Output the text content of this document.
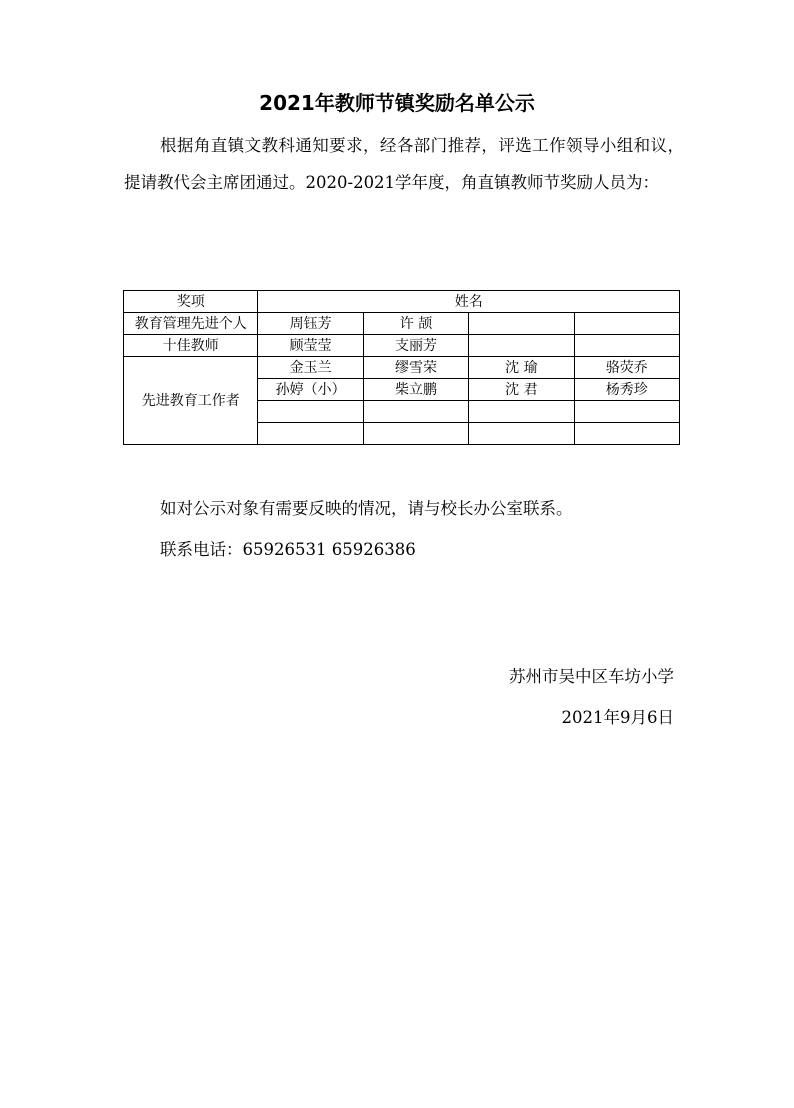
2021年教师节镇奖励名单公示

根据角直镇文教科通知要求，经各部门推荐，评选工作领导小组和议，提请教代会主席团通过。2020-2021学年度，角直镇教师节奖励人员为：

奖项	姓名			
教育管理先进个人	周钰芳	许 颉		
十佳教师	顾莹莹	支丽芳		
先进教育工作者	金玉兰	缪雪荣	沈 瑜	骆荧乔
	孙婷（小）	柴立鹏	沈 君	杨秀珍

如对公示对象有需要反映的情况，请与校长办公室联系。

联系电话：65926531 65926386

苏州市吴中区车坊小学

2021年9月6日
